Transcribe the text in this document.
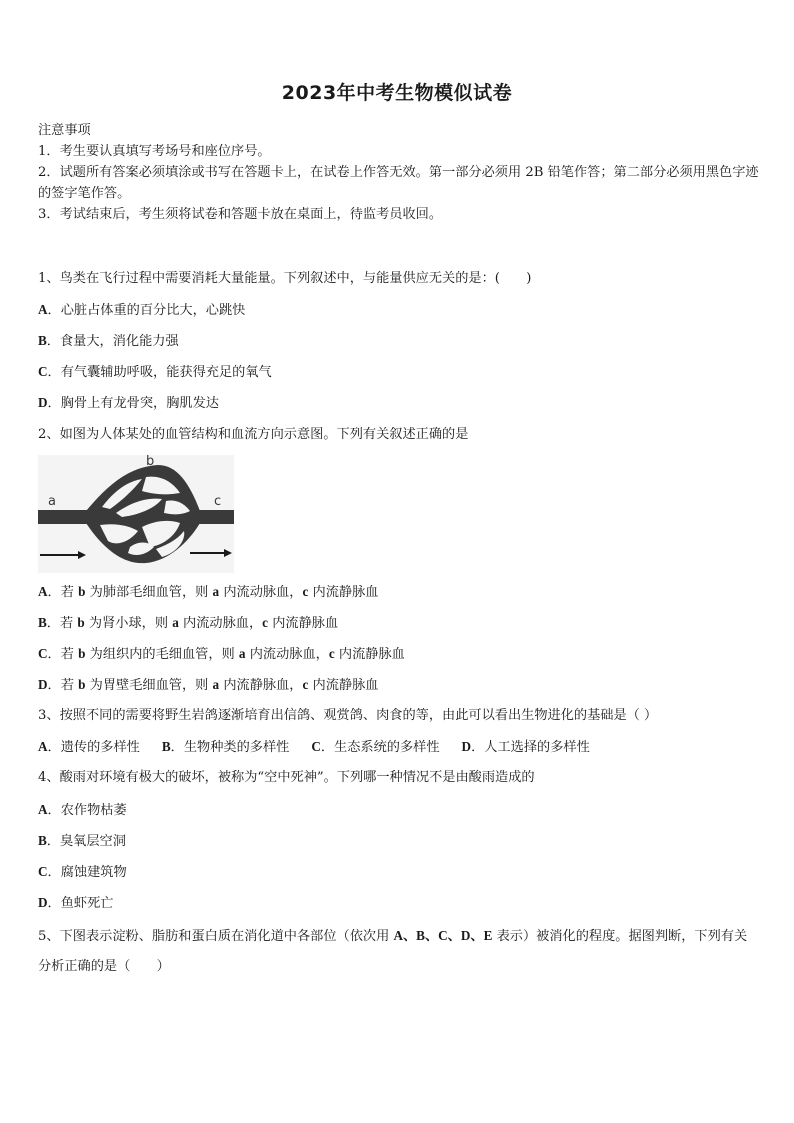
2023年中考生物模似试卷
注意事项
1．考生要认真填写考场号和座位序号。
2．试题所有答案必须填涂或书写在答题卡上，在试卷上作答无效。第一部分必须用 2B 铅笔作答；第二部分必须用黑色字迹的签字笔作答。
3．考试结束后，考生须将试卷和答题卡放在桌面上，待监考员收回。
1、鸟类在飞行过程中需要消耗大量能量。下列叙述中，与能量供应无关的是：(　　)
A．心脏占体重的百分比大，心跳快
B．食量大，消化能力强
C．有气囊辅助呼吸，能获得充足的氧气
D．胸骨上有龙骨突，胸肌发达
2、如图为人体某处的血管结构和血流方向示意图。下列有关叙述正确的是
b
a	c
A．若 b 为肺部毛细血管，则 a 内流动脉血，c 内流静脉血
B．若 b 为肾小球，则 a 内流动脉血，c 内流静脉血
C．若 b 为组织内的毛细血管，则 a 内流动脉血，c 内流静脉血
D．若 b 为胃壁毛细血管，则 a 内流静脉血，c 内流静脉血
3、按照不同的需要将野生岩鸽逐渐培育出信鸽、观赏鸽、肉食的等，由此可以看出生物进化的基础是（ ）
A．遗传的多样性 B．生物种类的多样性 C．生态系统的多样性 D．人工选择的多样性
4、酸雨对环境有极大的破坏，被称为“空中死神”。下列哪一种情况不是由酸雨造成的
A．农作物枯萎
B．臭氧层空洞
C．腐蚀建筑物
D．鱼虾死亡
5、下图表示淀粉、脂肪和蛋白质在消化道中各部位（依次用 A、B、C、D、E 表示）被消化的程度。据图判断，下列有关分析正确的是（　　）
